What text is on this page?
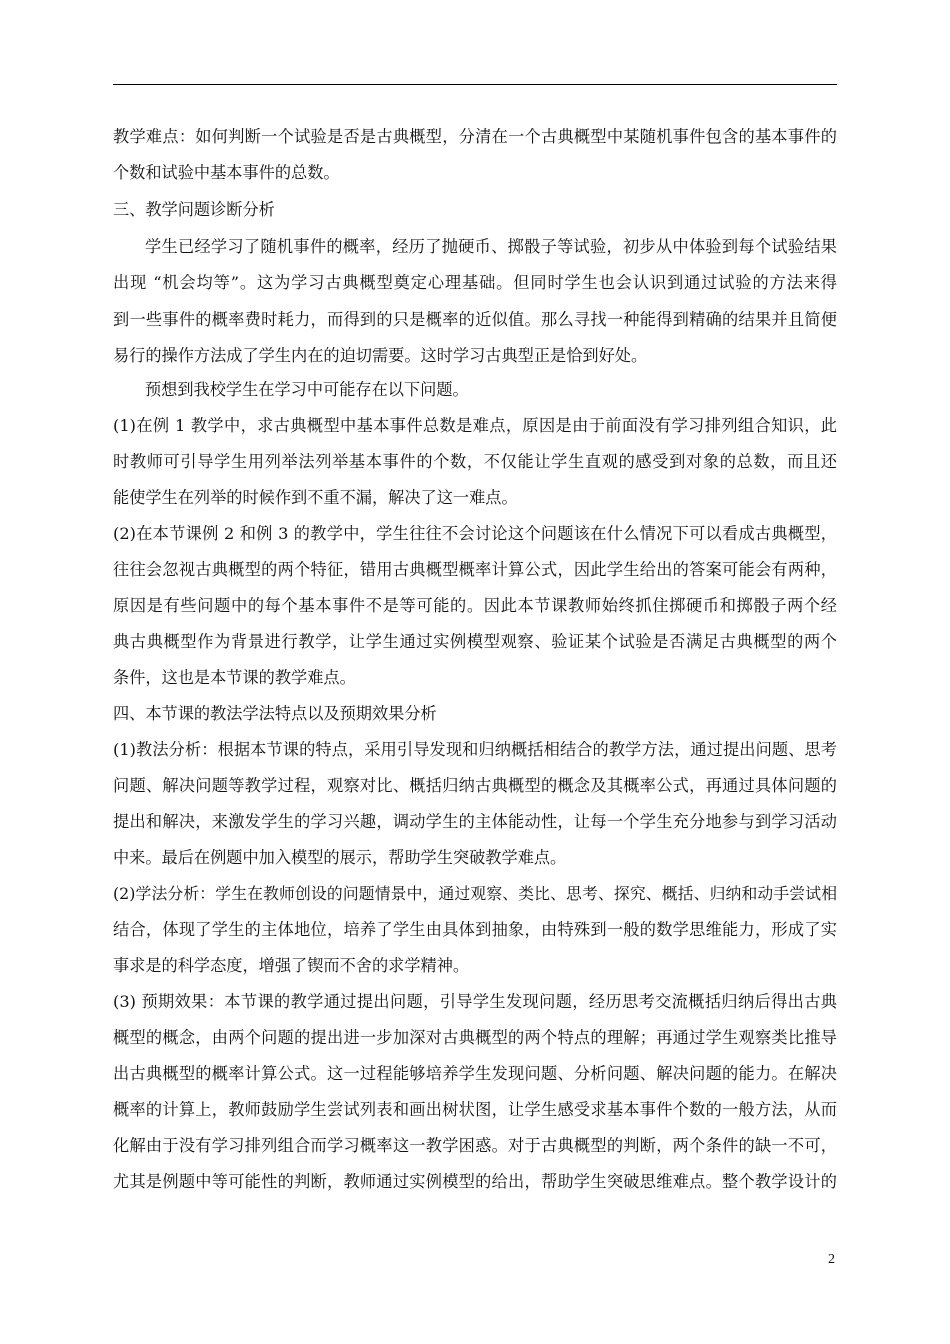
教学难点：如何判断一个试验是否是古典概型，分清在一个古典概型中某随机事件包含的基本事件的
个数和试验中基本事件的总数。
三、教学问题诊断分析
学生已经学习了随机事件的概率，经历了抛硬币、掷骰子等试验，初步从中体验到每个试验结果
出现 “机会均等”。这为学习古典概型奠定心理基础。但同时学生也会认识到通过试验的方法来得
到一些事件的概率费时耗力，而得到的只是概率的近似值。那么寻找一种能得到精确的结果并且简便
易行的操作方法成了学生内在的迫切需要。这时学习古典型正是恰到好处。
预想到我校学生在学习中可能存在以下问题。
(1)在例 1 教学中，求古典概型中基本事件总数是难点，原因是由于前面没有学习排列组合知识，此
时教师可引导学生用列举法列举基本事件的个数，不仅能让学生直观的感受到对象的总数，而且还
能使学生在列举的时候作到不重不漏，解决了这一难点。
(2)在本节课例 2 和例 3 的教学中，学生往往不会讨论这个问题该在什么情况下可以看成古典概型，
往往会忽视古典概型的两个特征，错用古典概型概率计算公式，因此学生给出的答案可能会有两种，
原因是有些问题中的每个基本事件不是等可能的。因此本节课教师始终抓住掷硬币和掷骰子两个经
典古典概型作为背景进行教学，让学生通过实例模型观察、验证某个试验是否满足古典概型的两个
条件，这也是本节课的教学难点。
四、本节课的教法学法特点以及预期效果分析
(1)教法分析：根据本节课的特点，采用引导发现和归纳概括相结合的教学方法，通过提出问题、思考
问题、解决问题等教学过程，观察对比、概括归纳古典概型的概念及其概率公式，再通过具体问题的
提出和解决，来激发学生的学习兴趣，调动学生的主体能动性，让每一个学生充分地参与到学习活动
中来。最后在例题中加入模型的展示，帮助学生突破教学难点。
(2)学法分析：学生在教师创设的问题情景中，通过观察、类比、思考、探究、概括、归纳和动手尝试相
结合，体现了学生的主体地位，培养了学生由具体到抽象，由特殊到一般的数学思维能力，形成了实
事求是的科学态度，增强了锲而不舍的求学精神。
(3) 预期效果：本节课的教学通过提出问题，引导学生发现问题，经历思考交流概括归纳后得出古典
概型的概念，由两个问题的提出进一步加深对古典概型的两个特点的理解；再通过学生观察类比推导
出古典概型的概率计算公式。这一过程能够培养学生发现问题、分析问题、解决问题的能力。在解决
概率的计算上，教师鼓励学生尝试列表和画出树状图，让学生感受求基本事件个数的一般方法，从而
化解由于没有学习排列组合而学习概率这一教学困惑。对于古典概型的判断，两个条件的缺一不可，
尤其是例题中等可能性的判断，教师通过实例模型的给出，帮助学生突破思维难点。整个教学设计的
2
